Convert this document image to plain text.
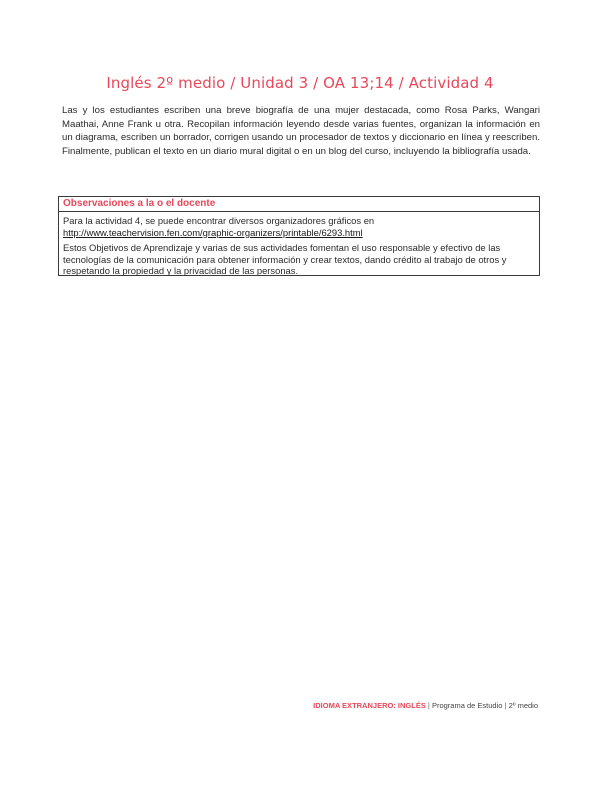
Inglés 2º medio / Unidad 3 / OA 13;14 / Actividad 4
Las y los estudiantes escriben una breve biografía de una mujer destacada, como Rosa Parks, Wangari Maathai, Anne Frank u otra. Recopilan información leyendo desde varias fuentes, organizan la información en un diagrama, escriben un borrador, corrigen usando un procesador de textos y diccionario en línea y reescriben. Finalmente, publican el texto en un diario mural digital o en un blog del curso, incluyendo la bibliografía usada.
Observaciones a la o el docente

Para la actividad 4, se puede encontrar diversos organizadores gráficos en
http://www.teachervision.fen.com/graphic-organizers/printable/6293.html

Estos Objetivos de Aprendizaje y varias de sus actividades fomentan el uso responsable y efectivo de las tecnologías de la comunicación para obtener información y crear textos, dando crédito al trabajo de otros y respetando la propiedad y la privacidad de las personas.

IDIOMA EXTRANJERO: INGLÉS | Programa de Estudio | 2º medio
